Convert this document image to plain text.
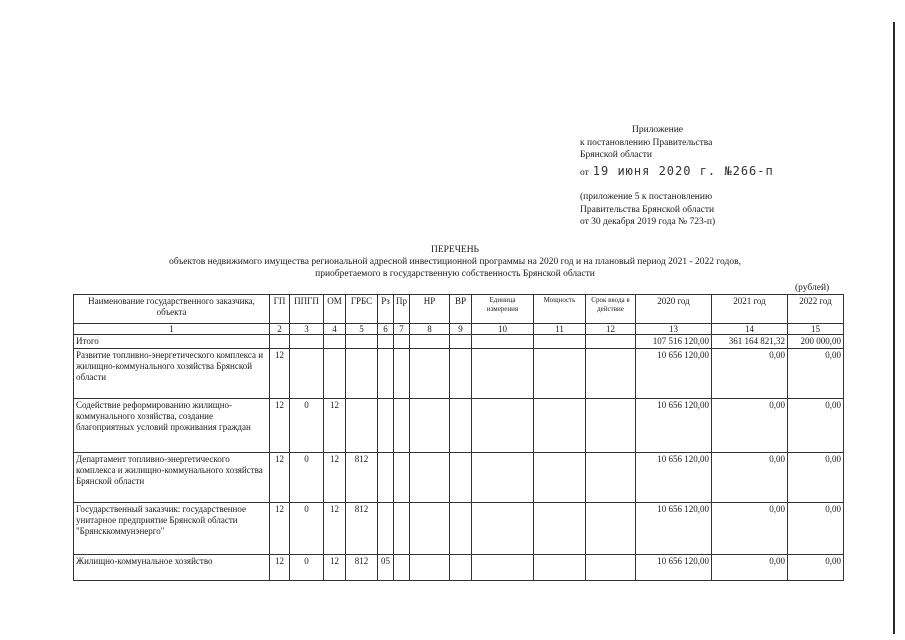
Приложение
к постановлению Правительства
Брянской области
от 19 июня 2020 г. №266-п
(приложение 5 к постановлению
Правительства Брянской области
от 30 декабря 2019 года № 723-п)
ПЕРЕЧЕНЬ
объектов недвижимого имущества региональной адресной инвестиционной программы на 2020 год и на плановый период 2021 - 2022 годов,
приобретаемого в государственную собственность Брянской области
(рублей)
Наименование государственного заказчика, объекта	ГП	ППГП	ОМ	ГРБС	Рз	Пр	НР	ВР	Единица измерения	Мощность	Срок ввода в действие	2020 год	2021 год	2022 год
1	2	3	4	5	6	7	8	9	10	11	12	13	14	15
Итого												107 516 120,00	361 164 821,32	200 000,00
Развитие топливно-энергетического комплекса и жилищно-коммунального хозяйства Брянской области	12											10 656 120,00	0,00	0,00
Содействие реформированию жилищно-коммунального хозяйства, создание благоприятных условий проживания граждан	12	0	12									10 656 120,00	0,00	0,00
Департамент топливно-энергетического комплекса и жилищно-коммунального хозяйства Брянской области	12	0	12	812								10 656 120,00	0,00	0,00
Государственный заказчик: государственное унитарное предприятие Брянской области "Брянсккоммунэнерго"	12	0	12	812								10 656 120,00	0,00	0,00
Жилищно-коммунальное хозяйство	12	0	12	812	05							10 656 120,00	0,00	0,00
